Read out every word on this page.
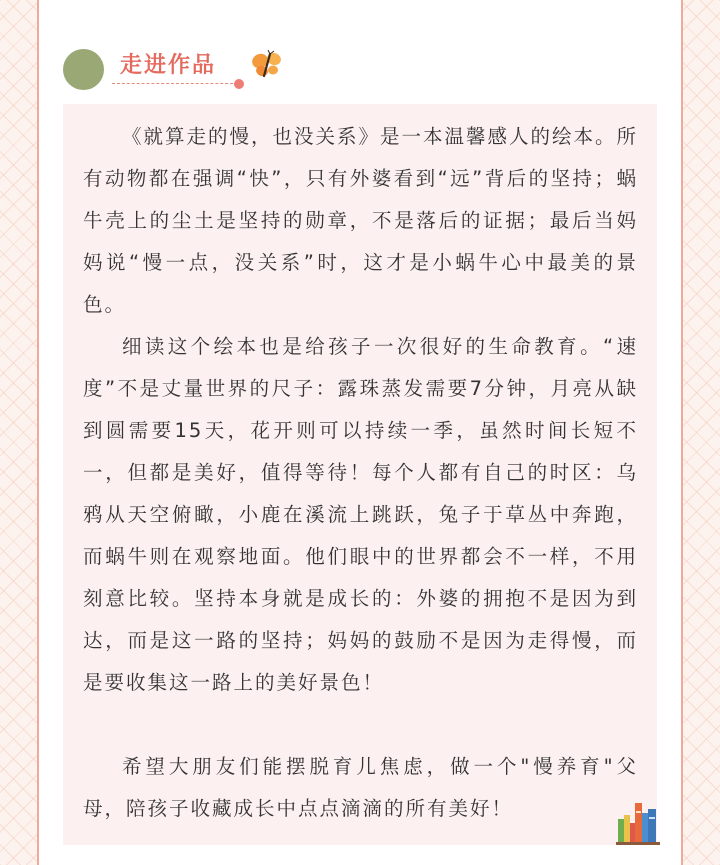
走进作品

《就算走的慢，也没关系》是一本温馨感人的绘本。所有动物都在强调“快”，只有外婆看到“远”背后的坚持；蜗牛壳上的尘土是坚持的勋章，不是落后的证据；最后当妈妈说“慢一点，没关系”时，这才是小蜗牛心中最美的景色。

细读这个绘本也是给孩子一次很好的生命教育。“速度”不是丈量世界的尺子：露珠蒸发需要7分钟，月亮从缺到圆需要15天，花开则可以持续一季，虽然时间长短不一，但都是美好，值得等待！每个人都有自己的时区：乌鸦从天空俯瞰，小鹿在溪流上跳跃，兔子于草丛中奔跑，而蜗牛则在观察地面。他们眼中的世界都会不一样，不用刻意比较。坚持本身就是成长的：外婆的拥抱不是因为到达，而是这一路的坚持；妈妈的鼓励不是因为走得慢，而是要收集这一路上的美好景色！

希望大朋友们能摆脱育儿焦虑，做一个"慢养育"父母，陪孩子收藏成长中点点滴滴的所有美好！
